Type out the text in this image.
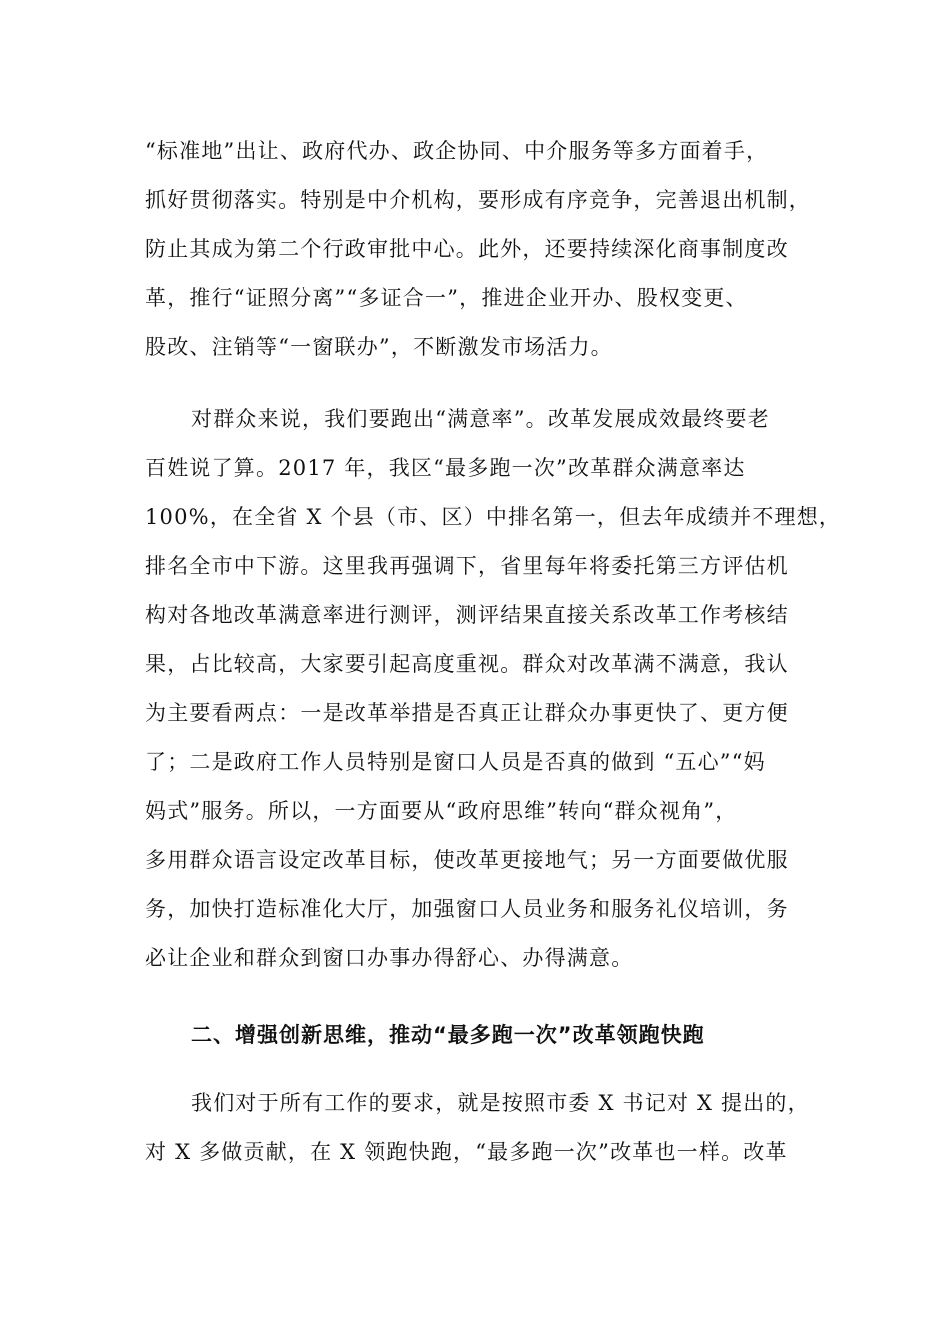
“标准地”出让、政府代办、政企协同、中介服务等多方面着手，
抓好贯彻落实。特别是中介机构，要形成有序竞争，完善退出机制，
防止其成为第二个行政审批中心。此外，还要持续深化商事制度改
革，推行“证照分离”“多证合一”，推进企业开办、股权变更、
股改、注销等“一窗联办”，不断激发市场活力。
对群众来说，我们要跑出“满意率”。改革发展成效最终要老
百姓说了算。2017 年，我区“最多跑一次”改革群众满意率达
100%，在全省 X 个县（市、区）中排名第一，但去年成绩并不理想，
排名全市中下游。这里我再强调下，省里每年将委托第三方评估机
构对各地改革满意率进行测评，测评结果直接关系改革工作考核结
果，占比较高，大家要引起高度重视。群众对改革满不满意，我认
为主要看两点：一是改革举措是否真正让群众办事更快了、更方便
了；二是政府工作人员特别是窗口人员是否真的做到 “五心”“妈
妈式”服务。所以，一方面要从“政府思维”转向“群众视角”，
多用群众语言设定改革目标，使改革更接地气；另一方面要做优服
务，加快打造标准化大厅，加强窗口人员业务和服务礼仪培训，务
必让企业和群众到窗口办事办得舒心、办得满意。
二、增强创新思维，推动“最多跑一次”改革领跑快跑
我们对于所有工作的要求，就是按照市委 X 书记对 X 提出的，
对 X 多做贡献，在 X 领跑快跑，“最多跑一次”改革也一样。改革
